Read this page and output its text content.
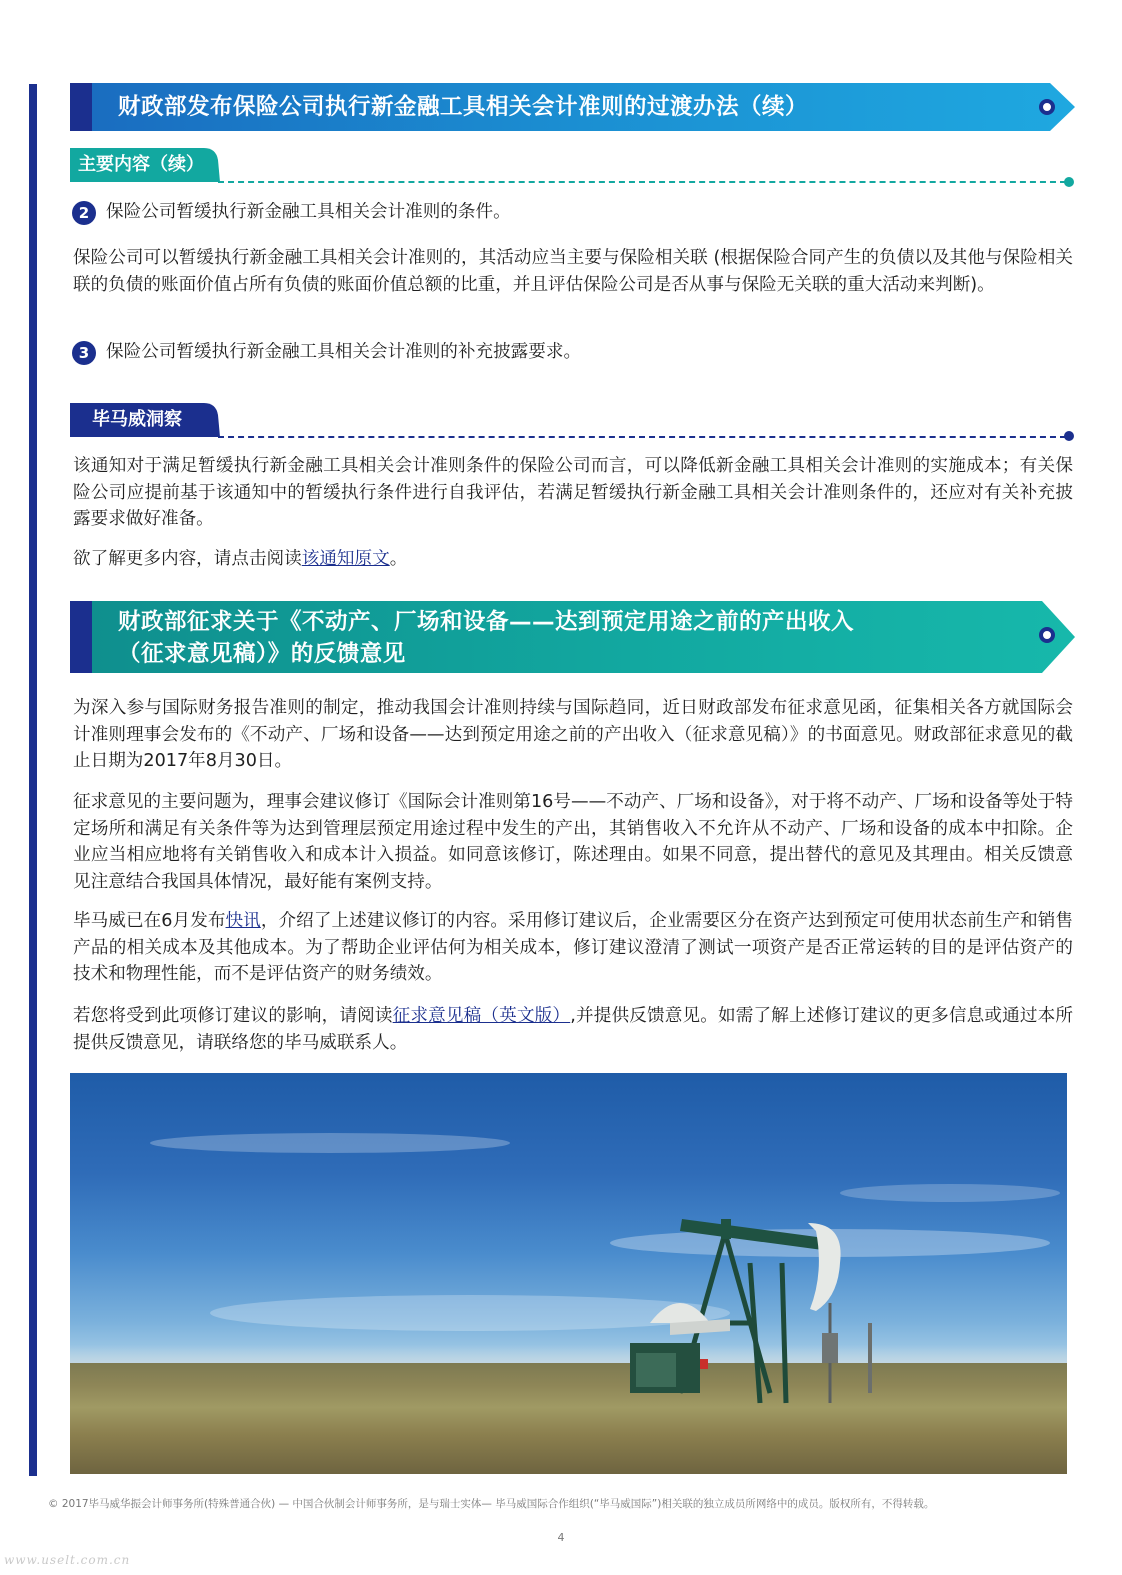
财政部发布保险公司执行新金融工具相关会计准则的过渡办法（续）
主要内容（续）
2 保险公司暂缓执行新金融工具相关会计准则的条件。
保险公司可以暂缓执行新金融工具相关会计准则的，其活动应当主要与保险相关联 (根据保险合同产生的负债以及其他与保险相关联的负债的账面价值占所有负债的账面价值总额的比重，并且评估保险公司是否从事与保险无关联的重大活动来判断)。
3 保险公司暂缓执行新金融工具相关会计准则的补充披露要求。
毕马威洞察
该通知对于满足暂缓执行新金融工具相关会计准则条件的保险公司而言，可以降低新金融工具相关会计准则的实施成本；有关保险公司应提前基于该通知中的暂缓执行条件进行自我评估，若满足暂缓执行新金融工具相关会计准则条件的，还应对有关补充披露要求做好准备。
欲了解更多内容，请点击阅读该通知原文。
财政部征求关于《不动产、厂场和设备——达到预定用途之前的产出收入
（征求意见稿）》的反馈意见
为深入参与国际财务报告准则的制定，推动我国会计准则持续与国际趋同，近日财政部发布征求意见函，征集相关各方就国际会计准则理事会发布的《不动产、厂场和设备——达到预定用途之前的产出收入（征求意见稿）》的书面意见。财政部征求意见的截止日期为2017年8月30日。
征求意见的主要问题为，理事会建议修订《国际会计准则第16号——不动产、厂场和设备》，对于将不动产、厂场和设备等处于特定场所和满足有关条件等为达到管理层预定用途过程中发生的产出，其销售收入不允许从不动产、厂场和设备的成本中扣除。企业应当相应地将有关销售收入和成本计入损益。如同意该修订，陈述理由。如果不同意，提出替代的意见及其理由。相关反馈意见注意结合我国具体情况，最好能有案例支持。
毕马威已在6月发布快讯，介绍了上述建议修订的内容。采用修订建议后，企业需要区分在资产达到预定可使用状态前生产和销售产品的相关成本及其他成本。为了帮助企业评估何为相关成本，修订建议澄清了测试一项资产是否正常运转的目的是评估资产的技术和物理性能，而不是评估资产的财务绩效。
若您将受到此项修订建议的影响，请阅读征求意见稿（英文版）,并提供反馈意见。如需了解上述修订建议的更多信息或通过本所提供反馈意见，请联络您的毕马威联系人。
© 2017毕马威华振会计师事务所(特殊普通合伙) — 中国合伙制会计师事务所，是与瑞士实体— 毕马威国际合作组织(“毕马威国际”)相关联的独立成员所网络中的成员。版权所有，不得转载。
4
www.uselt.com.cn
